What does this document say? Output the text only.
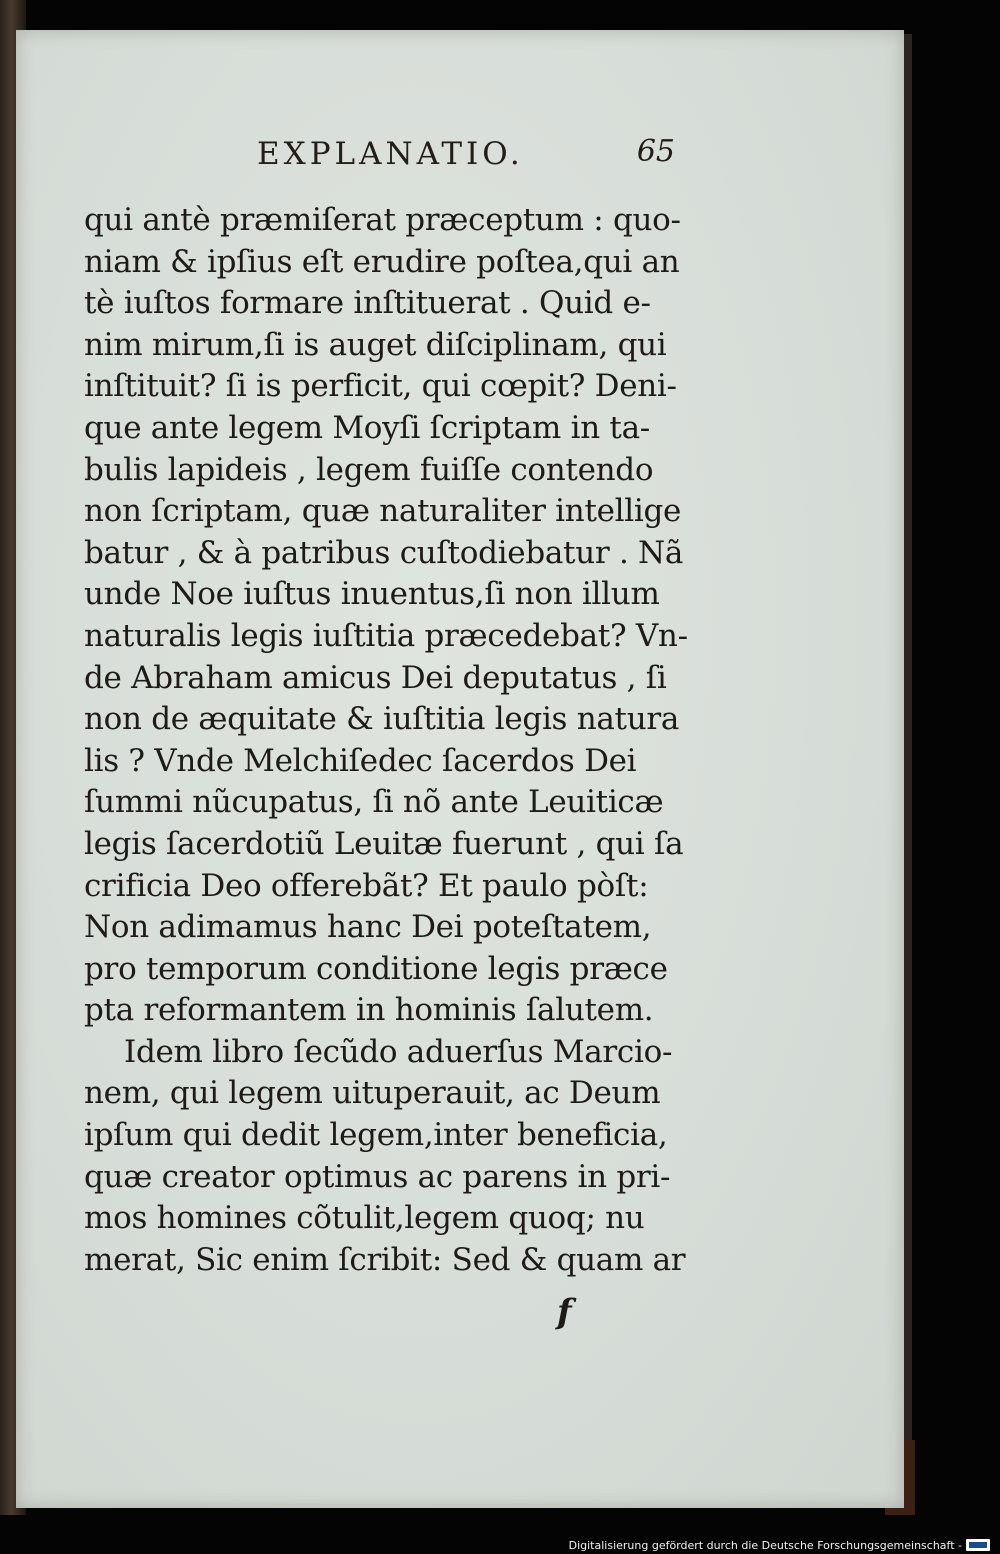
EXPLANATIO.	65
qui antè præmiſerat præceptum : quo-
niam & ipſius eſt erudire poſtea,qui an
tè iuſtos formare inſtituerat . Quid e-
nim mirum,ſi is auget diſciplinam, qui
inſtituit? ſi is perficit, qui cœpit? Deni-
que ante legem Moyſi ſcriptam in ta-
bulis lapideis , legem fuiſſe contendo
non ſcriptam, quæ naturaliter intellige
batur , & à patribus cuſtodiebatur . Nã
unde Noe iuſtus inuentus,ſi non illum
naturalis legis iuſtitia præcedebat? Vn-
de Abraham amicus Dei deputatus , ſi
non de æquitate & iuſtitia legis natura
lis ? Vnde Melchiſedec ſacerdos Dei
ſummi nũcupatus, ſi nõ ante Leuiticæ
legis ſacerdotiũ Leuitæ fuerunt , qui ſa
crificia Deo offerebãt? Et paulo pòſt:
Non adimamus hanc Dei poteſtatem,
pro temporum conditione legis præce
pta reformantem in hominis ſalutem.
Idem libro ſecũdo aduerſus Marcio-
nem, qui legem uituperauit, ac Deum
ipſum qui dedit legem,inter beneficia,
quæ creator optimus ac parens in pri-
mos homines cõtulit,legem quoq; nu
merat, Sic enim ſcribit: Sed & quam ar
f
Digitalisierung gefördert durch die Deutsche Forschungsgemeinschaft -
